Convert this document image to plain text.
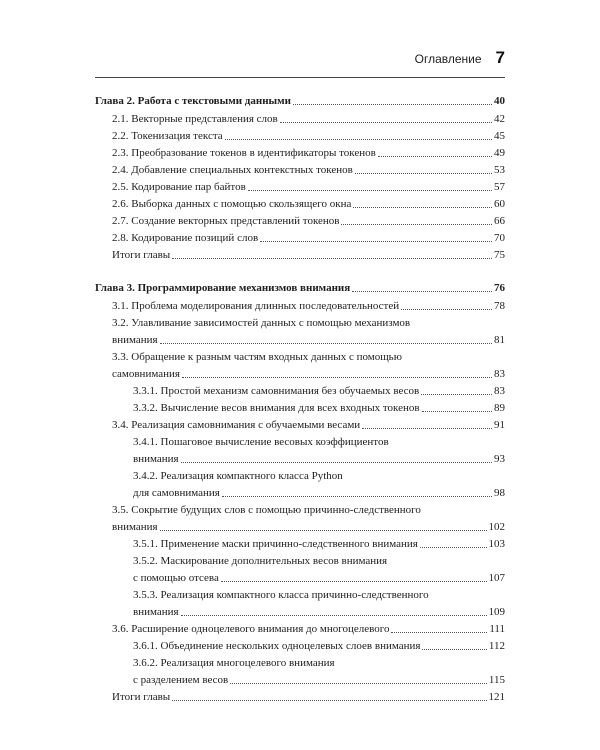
Оглавление 7
Глава 2. Работа с текстовыми данными	40
2.1. Векторные представления слов	42
2.2. Токенизация текста	45
2.3. Преобразование токенов в идентификаторы токенов	49
2.4. Добавление специальных контекстных токенов	53
2.5. Кодирование пар байтов	57
2.6. Выборка данных с помощью скользящего окна	60
2.7. Создание векторных представлений токенов	66
2.8. Кодирование позиций слов	70
Итоги главы	75
Глава 3. Программирование механизмов внимания	76
3.1. Проблема моделирования длинных последовательностей	78
3.2. Улавливание зависимостей данных с помощью механизмов
внимания	81
3.3. Обращение к разным частям входных данных с помощью
самовнимания	83
3.3.1. Простой механизм самовнимания без обучаемых весов	83
3.3.2. Вычисление весов внимания для всех входных токенов	89
3.4. Реализация самовнимания с обучаемыми весами	91
3.4.1. Пошаговое вычисление весовых коэффициентов
внимания	93
3.4.2. Реализация компактного класса Python
для самовнимания	98
3.5. Сокрытие будущих слов с помощью причинно-следственного
внимания	102
3.5.1. Применение маски причинно-следственного внимания	103
3.5.2. Маскирование дополнительных весов внимания
с помощью отсева	107
3.5.3. Реализация компактного класса причинно-следственного
внимания	109
3.6. Расширение одноцелевого внимания до многоцелевого	111
3.6.1. Объединение нескольких одноцелевых слоев внимания	112
3.6.2. Реализация многоцелевого внимания
с разделением весов	115
Итоги главы	121
